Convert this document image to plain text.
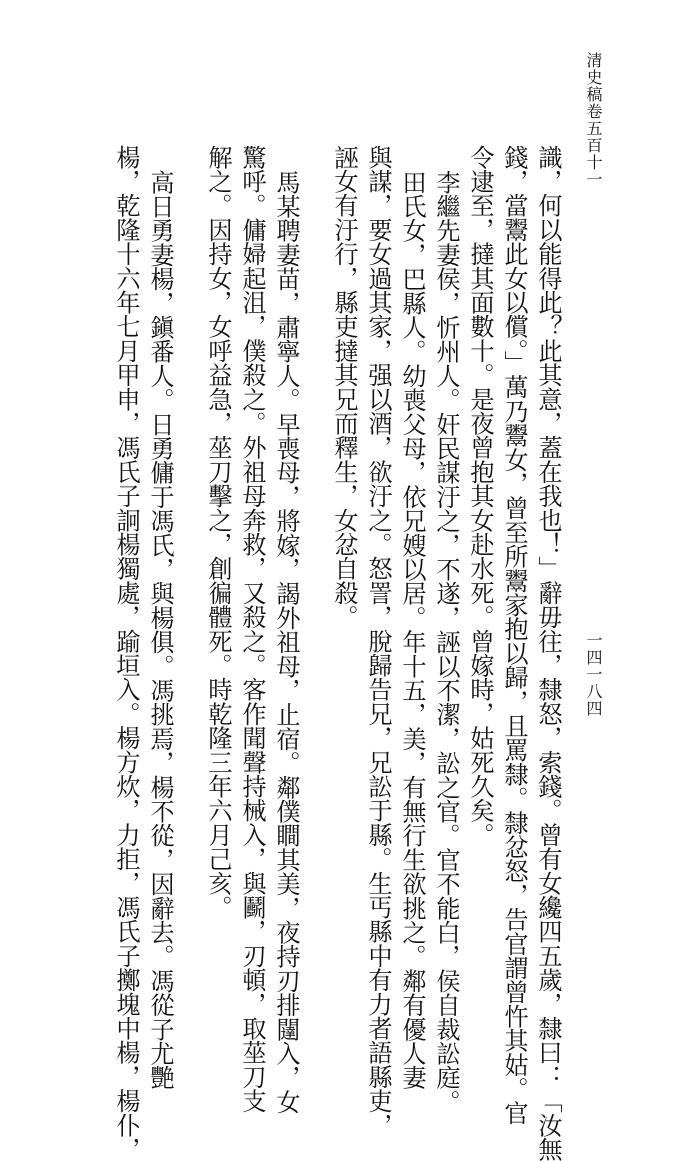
清史稿卷五百十一
一四一八四
識，何以能得此？此其意，蓋在我也！」辭毋往，隸怒，索錢。曾有女纔四五歲，隸曰：「汝無
錢，當鬻此女以償。」萬乃鬻女，曾至所鬻家抱以歸，且罵隸。隸忿怒，告官謂曾忤其姑。官
令逮至，撻其面數十。是夜曾抱其女赴水死。曾嫁時，姑死久矣。
李繼先妻侯，忻州人。奸民謀汙之，不遂，誣以不潔，訟之官。官不能白，侯自裁訟庭。
田氏女，巴縣人。幼喪父母，依兄嫂以居。年十五，美，有無行生欲挑之。鄰有優人妻
與謀，要女過其家，强以酒，欲汙之。怒詈，脫歸告兄，兄訟于縣。生丐縣中有力者語縣吏，
誣女有汙行，縣吏撻其兄而釋生，女忿自殺。
馬某聘妻苗，肅寧人。早喪母，將嫁，謁外祖母，止宿。鄰僕瞷其美，夜持刃排闥入，女
驚呼。傭婦起沮，僕殺之。外祖母奔救，又殺之。客作聞聲持械入，與鬬，刃頓，取莝刀支
解之。因持女，女呼益急，莝刀擊之，創徧體死。時乾隆三年六月己亥。
高日勇妻楊，鎭番人。日勇傭于馮氏，與楊俱。馮挑焉，楊不從，因辭去。馮從子尤艷
楊，乾隆十六年七月甲申，馮氏子詗楊獨處，踰垣入。楊方炊，力拒，馮氏子擲塊中楊，楊仆，
